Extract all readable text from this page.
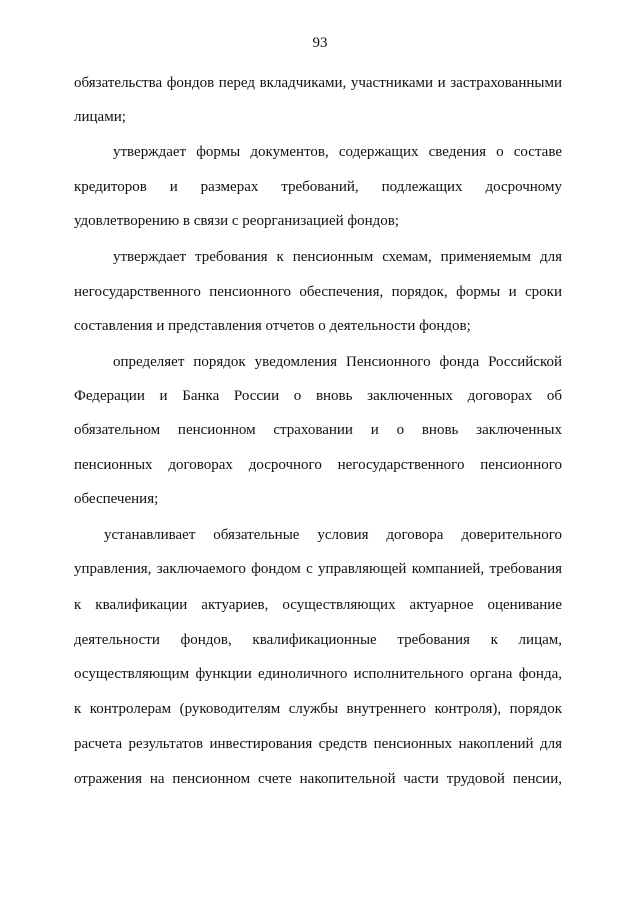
93
обязательства фондов перед вкладчиками, участниками и застрахованными
лицами;
утверждает формы документов, содержащих сведения о составе
кредиторов и размерах требований, подлежащих досрочному
удовлетворению в связи с реорганизацией фондов;
утверждает требования к пенсионным схемам, применяемым для
негосударственного пенсионного обеспечения, порядок, формы и сроки
составления и представления отчетов о деятельности фондов;
определяет порядок уведомления Пенсионного фонда Российской
Федерации и Банка России о вновь заключенных договорах об
обязательном пенсионном страховании и о вновь заключенных
пенсионных договорах досрочного негосударственного пенсионного
обеспечения;
устанавливает обязательные условия договора доверительного
управления, заключаемого фондом с управляющей компанией, требования
к квалификации актуариев, осуществляющих актуарное оценивание
деятельности фондов, квалификационные требования к лицам,
осуществляющим функции единоличного исполнительного органа фонда,
к контролерам (руководителям службы внутреннего контроля), порядок
расчета результатов инвестирования средств пенсионных накоплений для
отражения на пенсионном счете накопительной части трудовой пенсии,
